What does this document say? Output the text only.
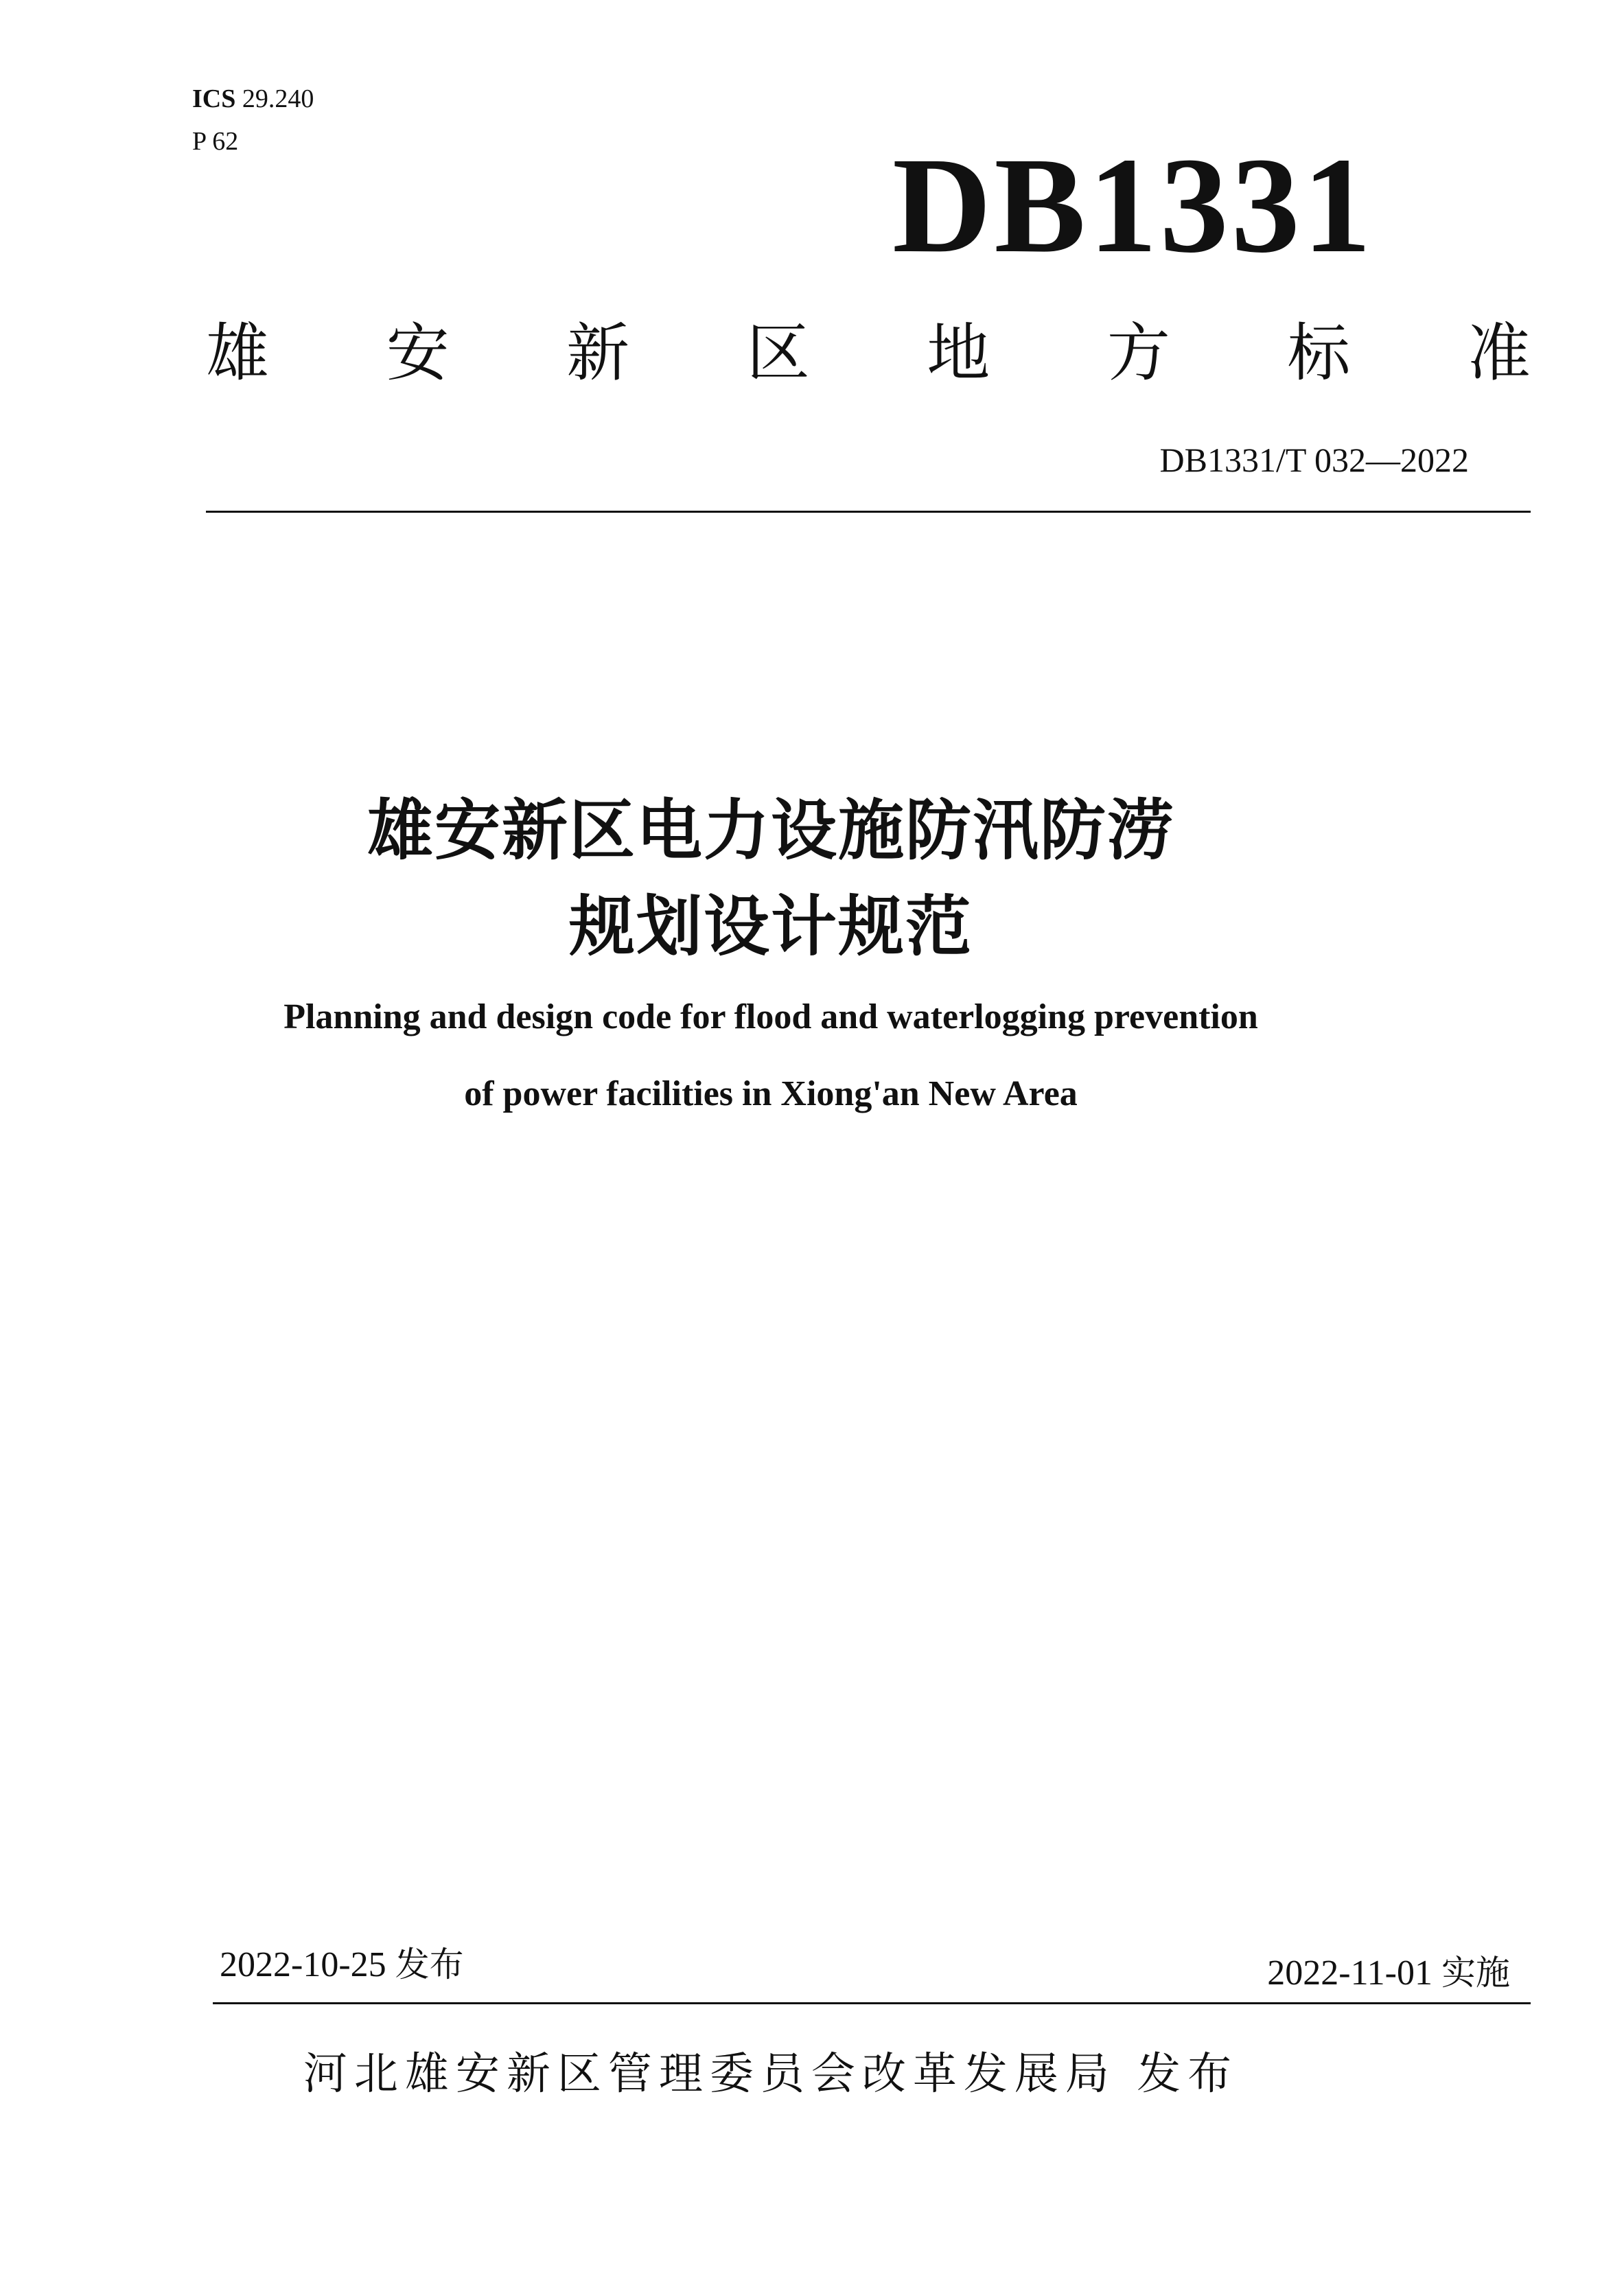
ICS 29.240
P 62	DB1331
雄 安 新 区 地 方 标 准
DB1331/T 032—2022
雄安新区电力设施防汛防涝
规划设计规范
Planning and design code for flood and waterlogging prevention
of power facilities in Xiong'an New Area
2022-10-25 发布	2022-11-01 实施
河北雄安新区管理委员会改革发展局 发布
